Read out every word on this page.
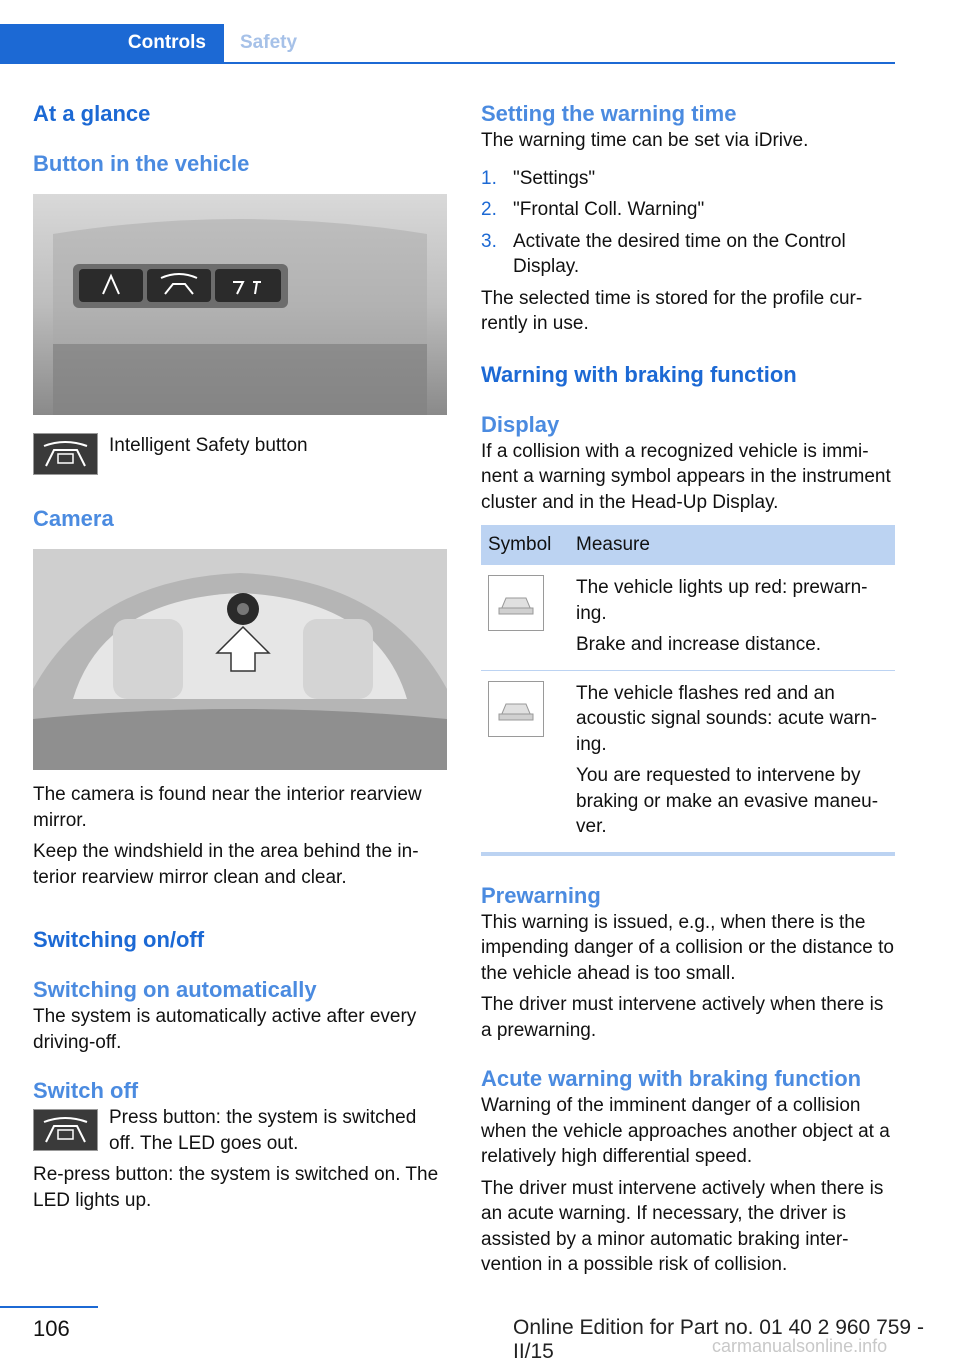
Controls	Safety
At a glance
Button in the vehicle

Intelligent Safety button

Camera

The camera is found near the interior rearview mirror.

Keep the windshield in the area behind the interior rearview mirror clean and clear.

Switching on/off
Switching on automatically

The system is automatically active after every driving-off.

Switch off

Press button: the system is switched off. The LED goes out.

Re-press button: the system is switched on. The LED lights up.

Setting the warning time

The warning time can be set via iDrive.

1. "Settings"
2. "Frontal Coll. Warning"
3. Activate the desired time on the Control Display.

The selected time is stored for the profile currently in use.

Warning with braking function
Display

If a collision with a recognized vehicle is imminent a warning symbol appears in the instrument cluster and in the Head-Up Display.

Symbol	Measure

The vehicle lights up red: prewarning.
Brake and increase distance.

The vehicle flashes red and an acoustic signal sounds: acute warning.
You are requested to intervene by braking or make an evasive maneuver.
Prewarning

This warning is issued, e.g., when there is the impending danger of a collision or the distance to the vehicle ahead is too small.

The driver must intervene actively when there is a prewarning.

Acute warning with braking function

Warning of the imminent danger of a collision when the vehicle approaches another object at a relatively high differential speed.

The driver must intervene actively when there is an acute warning. If necessary, the driver is assisted by a minor automatic braking intervention in a possible risk of collision.

106	Online Edition for Part no. 01 40 2 960 759 - II/15	carmanualsonline.info
